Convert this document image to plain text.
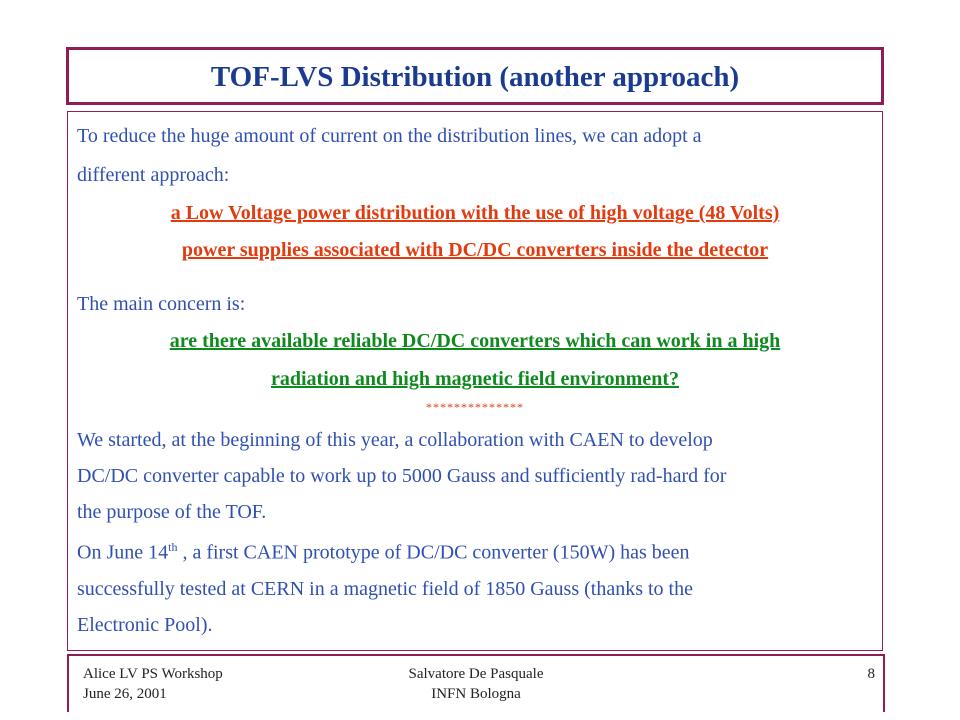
TOF-LVS Distribution (another approach)
To reduce the huge amount of current on the distribution lines, we can adopt a
different approach:
a Low Voltage power distribution with the use of high voltage (48 Volts)
power supplies associated with DC/DC converters inside the detector
The main concern is:
are there available reliable DC/DC converters which can work in a high
radiation and high magnetic field environment?
**************
We started, at the beginning of this year, a collaboration with CAEN to develop
DC/DC converter capable to work up to 5000 Gauss and sufficiently rad-hard for
the purpose of the TOF.
On June 14th , a first CAEN prototype of DC/DC converter (150W) has been
successfully tested at CERN in a magnetic field of 1850 Gauss (thanks to the
Electronic Pool).
Alice LV PS Workshop
June 26, 2001
Salvatore De Pasquale
INFN Bologna
8
